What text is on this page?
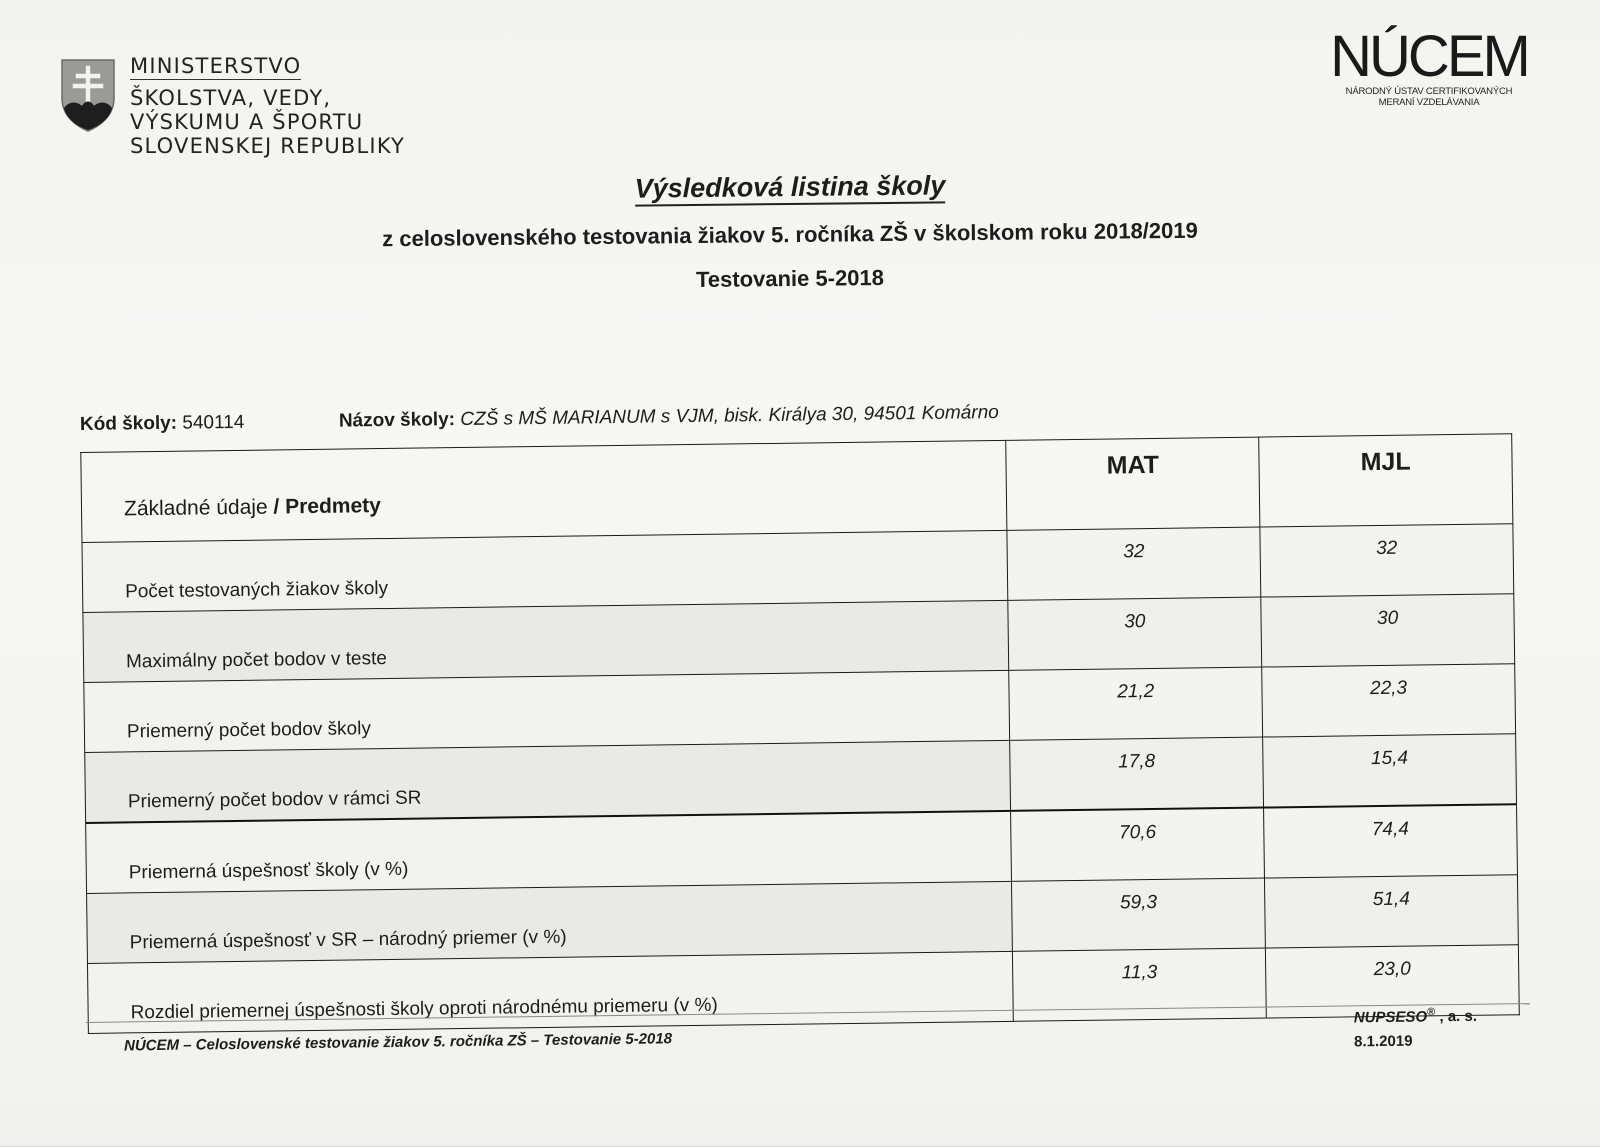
MINISTERSTVO
ŠKOLSTVA, VEDY,
VÝSKUMU A ŠPORTU
SLOVENSKEJ REPUBLIKY
NÚCEM
NÁRODNÝ ÚSTAV CERTIFIKOVANÝCH
MERANÍ VZDELÁVANIA
Výsledková listina školy
z celoslovenského testovania žiakov 5. ročníka ZŠ v školskom roku 2018/2019
Testovanie 5-2018
Kód školy: 540114	Názov školy: CZŠ s MŠ MARIANUM s VJM, bisk. Királya 30, 94501 Komárno
Základné údaje / Predmety	MAT	MJL
Počet testovaných žiakov školy	32	32
Maximálny počet bodov v teste	30	30
Priemerný počet bodov školy	21,2	22,3
Priemerný počet bodov v rámci SR	17,8	15,4
Priemerná úspešnosť školy (v %)	70,6	74,4
Priemerná úspešnosť v SR – národný priemer (v %)	59,3	51,4
Rozdiel priemernej úspešnosti školy oproti národnému priemeru (v %)	11,3	23,0
NÚCEM – Celoslovenské testovanie žiakov 5. ročníka ZŠ – Testovanie 5-2018
NUPSESO® , a. s.
8.1.2019
